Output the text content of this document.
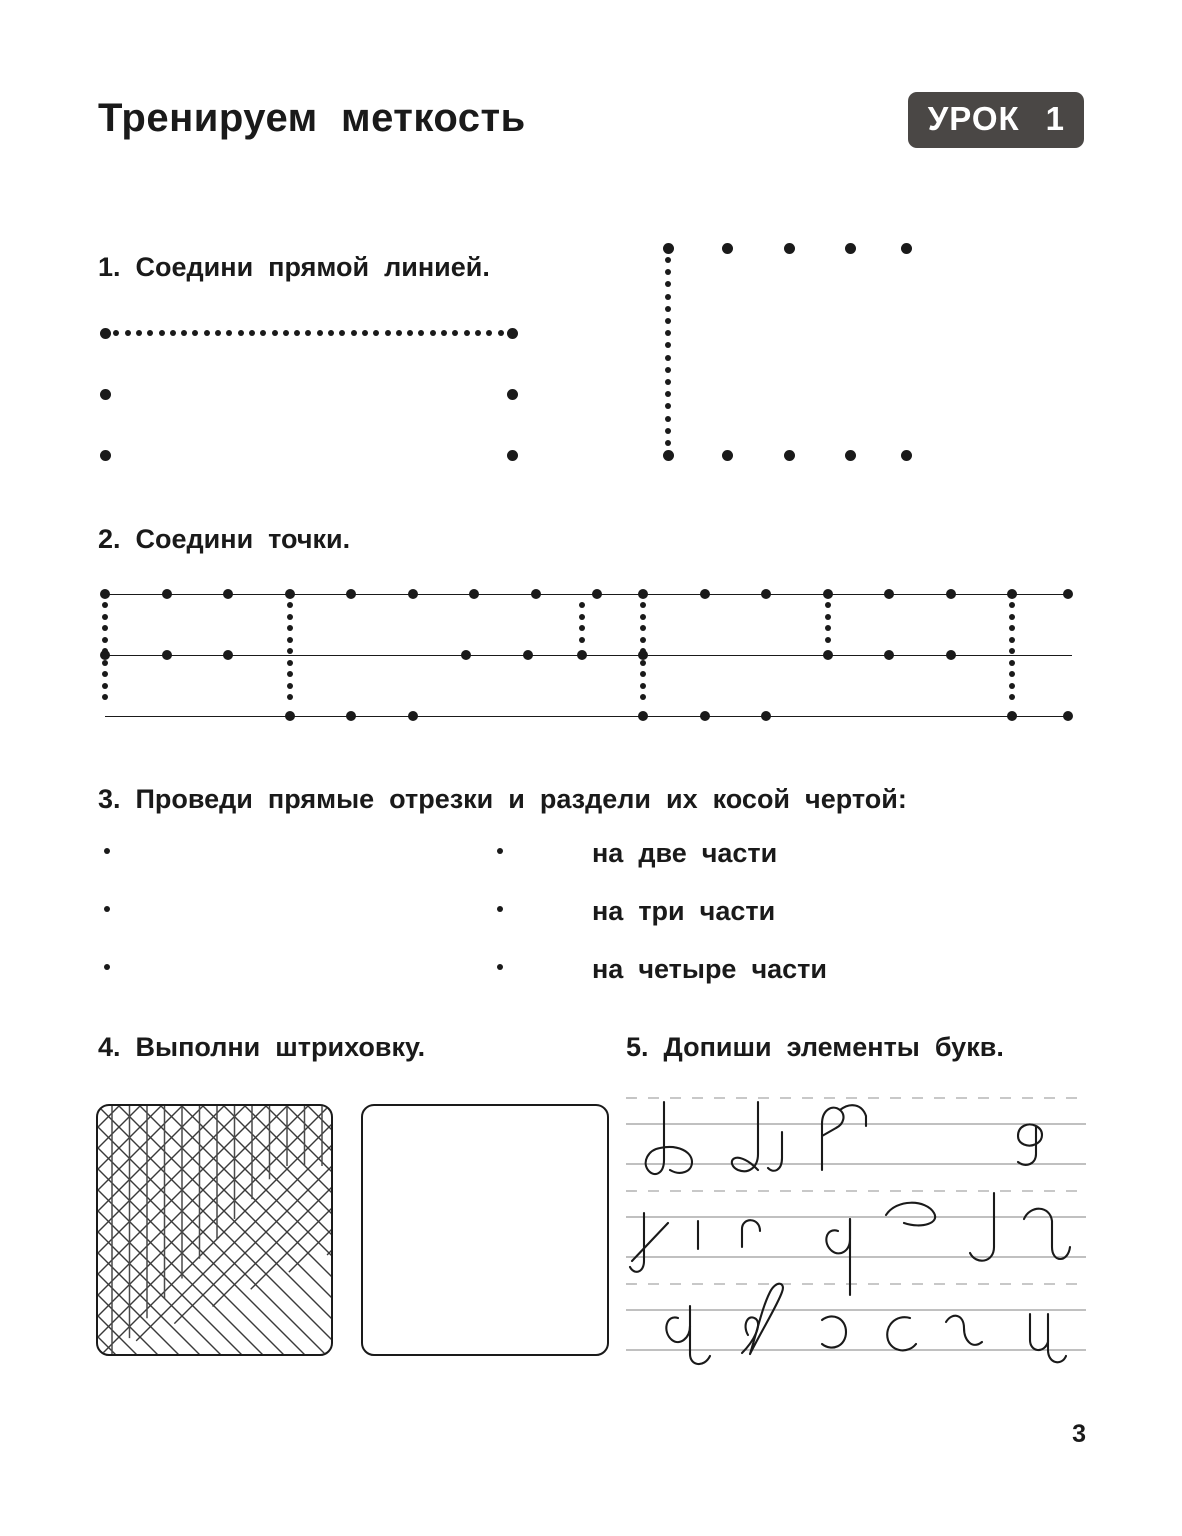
Тренируем  меткость	УРОК 1
1.  Соедини  прямой  линией.
2.  Соедини  точки.
3.  Проведи  прямые  отрезки  и  раздели  их  косой  чертой:
на  две  части
на  три  части
на  четыре  части
4.  Выполни  штриховку.	5.  Допиши  элементы  букв.
3
